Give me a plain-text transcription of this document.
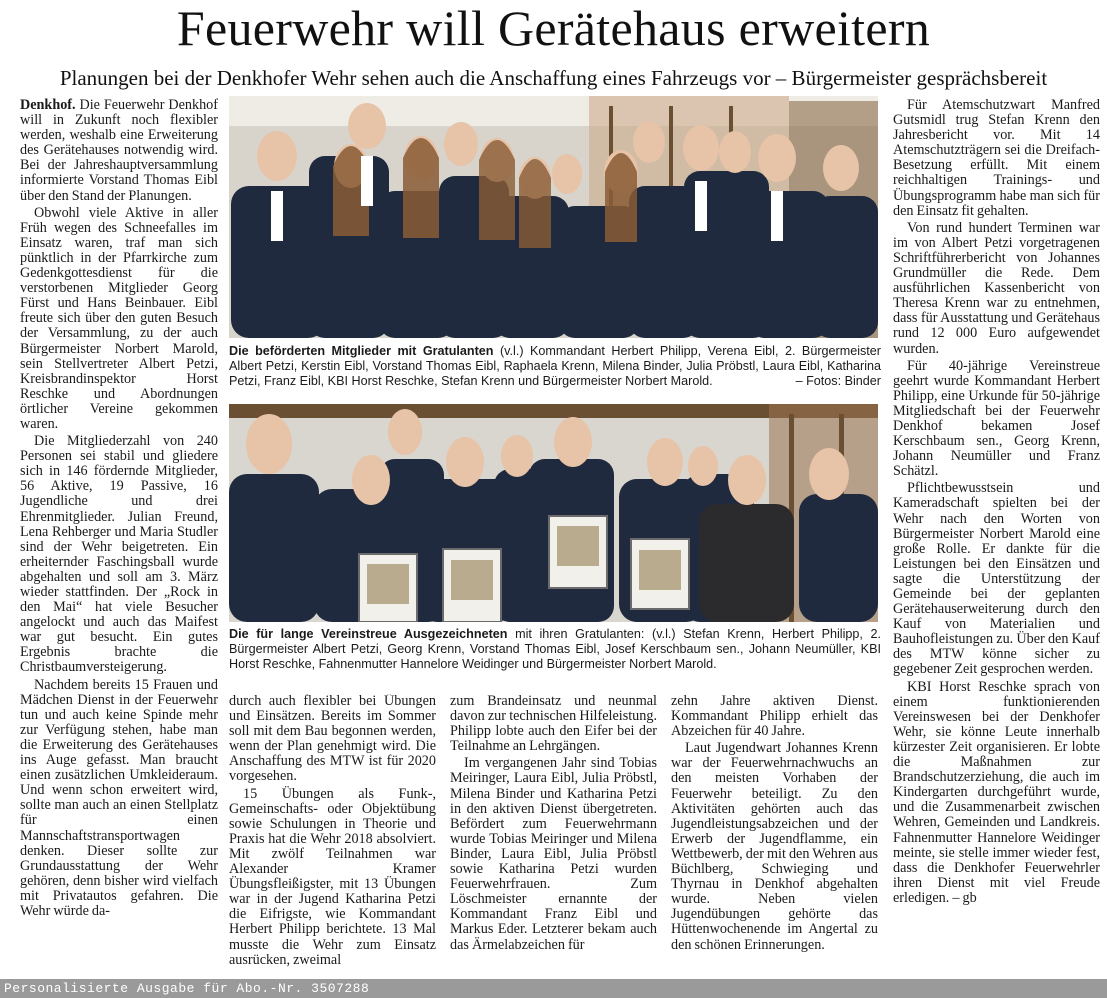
Feuerwehr will Gerätehaus erweitern
Planungen bei der Denkhofer Wehr sehen auch die Anschaffung eines Fahrzeugs vor – Bürgermeister gesprächsbereit

Denkhof. Die Feuerwehr Denkhof will in Zukunft noch flexibler werden, weshalb eine Erweiterung des Gerätehauses notwendig wird. Bei der Jahreshauptversammlung informierte Vorstand Thomas Eibl über den Stand der Planungen.

Obwohl viele Aktive in aller Früh wegen des Schneefalles im Einsatz waren, traf man sich pünktlich in der Pfarrkirche zum Gedenkgottesdienst für die verstorbenen Mitglieder Georg Fürst und Hans Beinbauer. Eibl freute sich über den guten Besuch der Versammlung, zu der auch Bürgermeister Norbert Marold, sein Stellvertreter Albert Petzi, Kreisbrandinspektor Horst Reschke und Abordnungen örtlicher Vereine gekommen waren.

Die Mitgliederzahl von 240 Personen sei stabil und gliedere sich in 146 fördernde Mitglieder, 56 Aktive, 19 Passive, 16 Jugendliche und drei Ehrenmitglieder. Julian Freund, Lena Rehberger und Maria Studler sind der Wehr beigetreten. Ein erheiternder Faschingsball wurde abgehalten und soll am 3. März wieder stattfinden. Der „Rock in den Mai“ hat viele Besucher angelockt und auch das Maifest war gut besucht. Ein gutes Ergebnis brachte die Christbaumversteigerung.

Nachdem bereits 15 Frauen und Mädchen Dienst in der Feuerwehr tun und auch keine Spinde mehr zur Verfügung stehen, habe man die Erweiterung des Gerätehauses ins Auge gefasst. Man braucht einen zusätzlichen Umkleideraum. Und wenn schon erweitert wird, sollte man auch an einen Stellplatz für einen Mannschaftstransportwagen denken. Dieser sollte zur Grundausstattung der Wehr gehören, denn bisher wird vielfach mit Privatautos gefahren. Die Wehr würde da-

Die beförderten Mitglieder mit Gratulanten (v.l.) Kommandant Herbert Philipp, Verena Eibl, 2. Bürgermeister Albert Petzi, Kerstin Eibl, Vorstand Thomas Eibl, Raphaela Krenn, Milena Binder, Julia Pröbstl, Laura Eibl, Katharina Petzi, Franz Eibl, KBI Horst Reschke, Stefan Krenn und Bürgermeister Norbert Marold.	– Fotos: Binder
Die für lange Vereinstreue Ausgezeichneten mit ihren Gratulanten: (v.l.) Stefan Krenn, Herbert Philipp, 2. Bürgermeister Albert Petzi, Georg Krenn, Vorstand Thomas Eibl, Josef Kerschbaum sen., Johann Neumüller, KBI Horst Reschke, Fahnenmutter Hannelore Weidinger und Bürgermeister Norbert Marold.

durch auch flexibler bei Übungen und Einsätzen. Bereits im Sommer soll mit dem Bau begonnen werden, wenn der Plan genehmigt wird. Die Anschaffung des MTW ist für 2020 vorgesehen.

15 Übungen als Funk-, Gemeinschafts- oder Objektübung sowie Schulungen in Theorie und Praxis hat die Wehr 2018 absolviert. Mit zwölf Teilnahmen war Alexander Kramer Übungsfleißigster, mit 13 Übungen war in der Jugend Katharina Petzi die Eifrigste, wie Kommandant Herbert Philipp berichtete. 13 Mal musste die Wehr zum Einsatz ausrücken, zweimal

zum Brandeinsatz und neunmal davon zur technischen Hilfeleistung. Philipp lobte auch den Eifer bei der Teilnahme an Lehrgängen.

Im vergangenen Jahr sind Tobias Meiringer, Laura Eibl, Julia Pröbstl, Milena Binder und Katharina Petzi in den aktiven Dienst übergetreten. Befördert zum Feuerwehrmann wurde Tobias Meiringer und Milena Binder, Laura Eibl, Julia Pröbstl sowie Katharina Petzi wurden Feuerwehrfrauen. Zum Löschmeister ernannte der Kommandant Franz Eibl und Markus Eder. Letzterer bekam auch das Ärmelabzeichen für

zehn Jahre aktiven Dienst. Kommandant Philipp erhielt das Abzeichen für 40 Jahre.

Laut Jugendwart Johannes Krenn war der Feuerwehrnachwuchs an den meisten Vorhaben der Feuerwehr beteiligt. Zu den Aktivitäten gehörten auch das Jugendleistungsabzeichen und der Erwerb der Jugendflamme, ein Wettbewerb, der mit den Wehren aus Büchlberg, Schwieging und Thyrnau in Denkhof abgehalten wurde. Neben vielen Jugendübungen gehörte das Hüttenwochenende im Angertal zu den schönen Erinnerungen.

Für Atemschutzwart Manfred Gutsmidl trug Stefan Krenn den Jahresbericht vor. Mit 14 Atemschutzträgern sei die Dreifach-Besetzung erfüllt. Mit einem reichhaltigen Trainings- und Übungsprogramm habe man sich für den Einsatz fit gehalten.

Von rund hundert Terminen war im von Albert Petzi vorgetragenen Schriftführerbericht von Johannes Grundmüller die Rede. Dem ausführlichen Kassenbericht von Theresa Krenn war zu entnehmen, dass für Ausstattung und Gerätehaus rund 12 000 Euro aufgewendet wurden.

Für 40-jährige Vereinstreue geehrt wurde Kommandant Herbert Philipp, eine Urkunde für 50-jährige Mitgliedschaft bei der Feuerwehr Denkhof bekamen Josef Kerschbaum sen., Georg Krenn, Johann Neumüller und Franz Schätzl.

Pflichtbewusstsein und Kameradschaft spielten bei der Wehr nach den Worten von Bürgermeister Norbert Marold eine große Rolle. Er dankte für die Leistungen bei den Einsätzen und sagte die Unterstützung der Gemeinde bei der geplanten Gerätehauserweiterung durch den Kauf von Materialien und Bauhofleistungen zu. Über den Kauf des MTW könne sicher zu gegebener Zeit gesprochen werden.

KBI Horst Reschke sprach von einem funktionierenden Vereinswesen bei der Denkhofer Wehr, sie könne Leute innerhalb kürzester Zeit organisieren. Er lobte die Maßnahmen zur Brandschutzerziehung, die auch im Kindergarten durchgeführt wurde, und die Zusammenarbeit zwischen Wehren, Gemeinden und Landkreis. Fahnenmutter Hannelore Weidinger meinte, sie stelle immer wieder fest, dass die Denkhofer Feuerwehrler ihren Dienst mit viel Freude erledigen. – gb

Personalisierte Ausgabe für Abo.-Nr. 3507288
